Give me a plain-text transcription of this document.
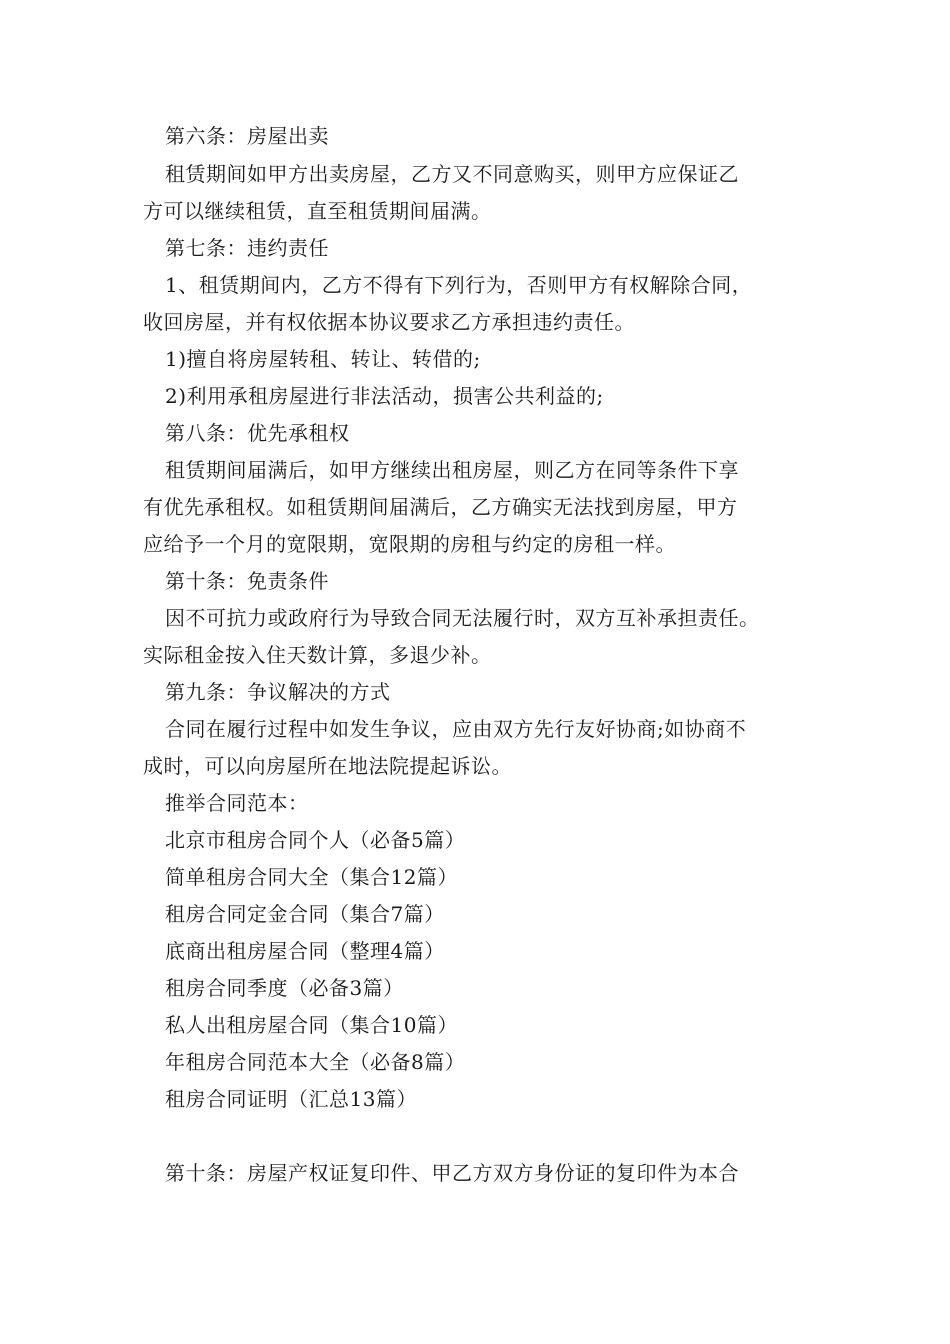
第六条：房屋出卖
租赁期间如甲方出卖房屋，乙方又不同意购买，则甲方应保证乙
方可以继续租赁，直至租赁期间届满。
第七条：违约责任
1、租赁期间内，乙方不得有下列行为，否则甲方有权解除合同，
收回房屋，并有权依据本协议要求乙方承担违约责任。
1)擅自将房屋转租、转让、转借的;
2)利用承租房屋进行非法活动，损害公共利益的;
第八条：优先承租权
租赁期间届满后，如甲方继续出租房屋，则乙方在同等条件下享
有优先承租权。如租赁期间届满后，乙方确实无法找到房屋，甲方
应给予一个月的宽限期，宽限期的房租与约定的房租一样。
第十条：免责条件
因不可抗力或政府行为导致合同无法履行时，双方互补承担责任。
实际租金按入住天数计算，多退少补。
第九条：争议解决的方式
合同在履行过程中如发生争议，应由双方先行友好协商;如协商不
成时，可以向房屋所在地法院提起诉讼。
推举合同范本：
北京市租房合同个人（必备5篇）
简单租房合同大全（集合12篇）
租房合同定金合同（集合7篇）
底商出租房屋合同（整理4篇）
租房合同季度（必备3篇）
私人出租房屋合同（集合10篇）
年租房合同范本大全（必备8篇）
租房合同证明（汇总13篇）
第十条：房屋产权证复印件、甲乙方双方身份证的复印件为本合
